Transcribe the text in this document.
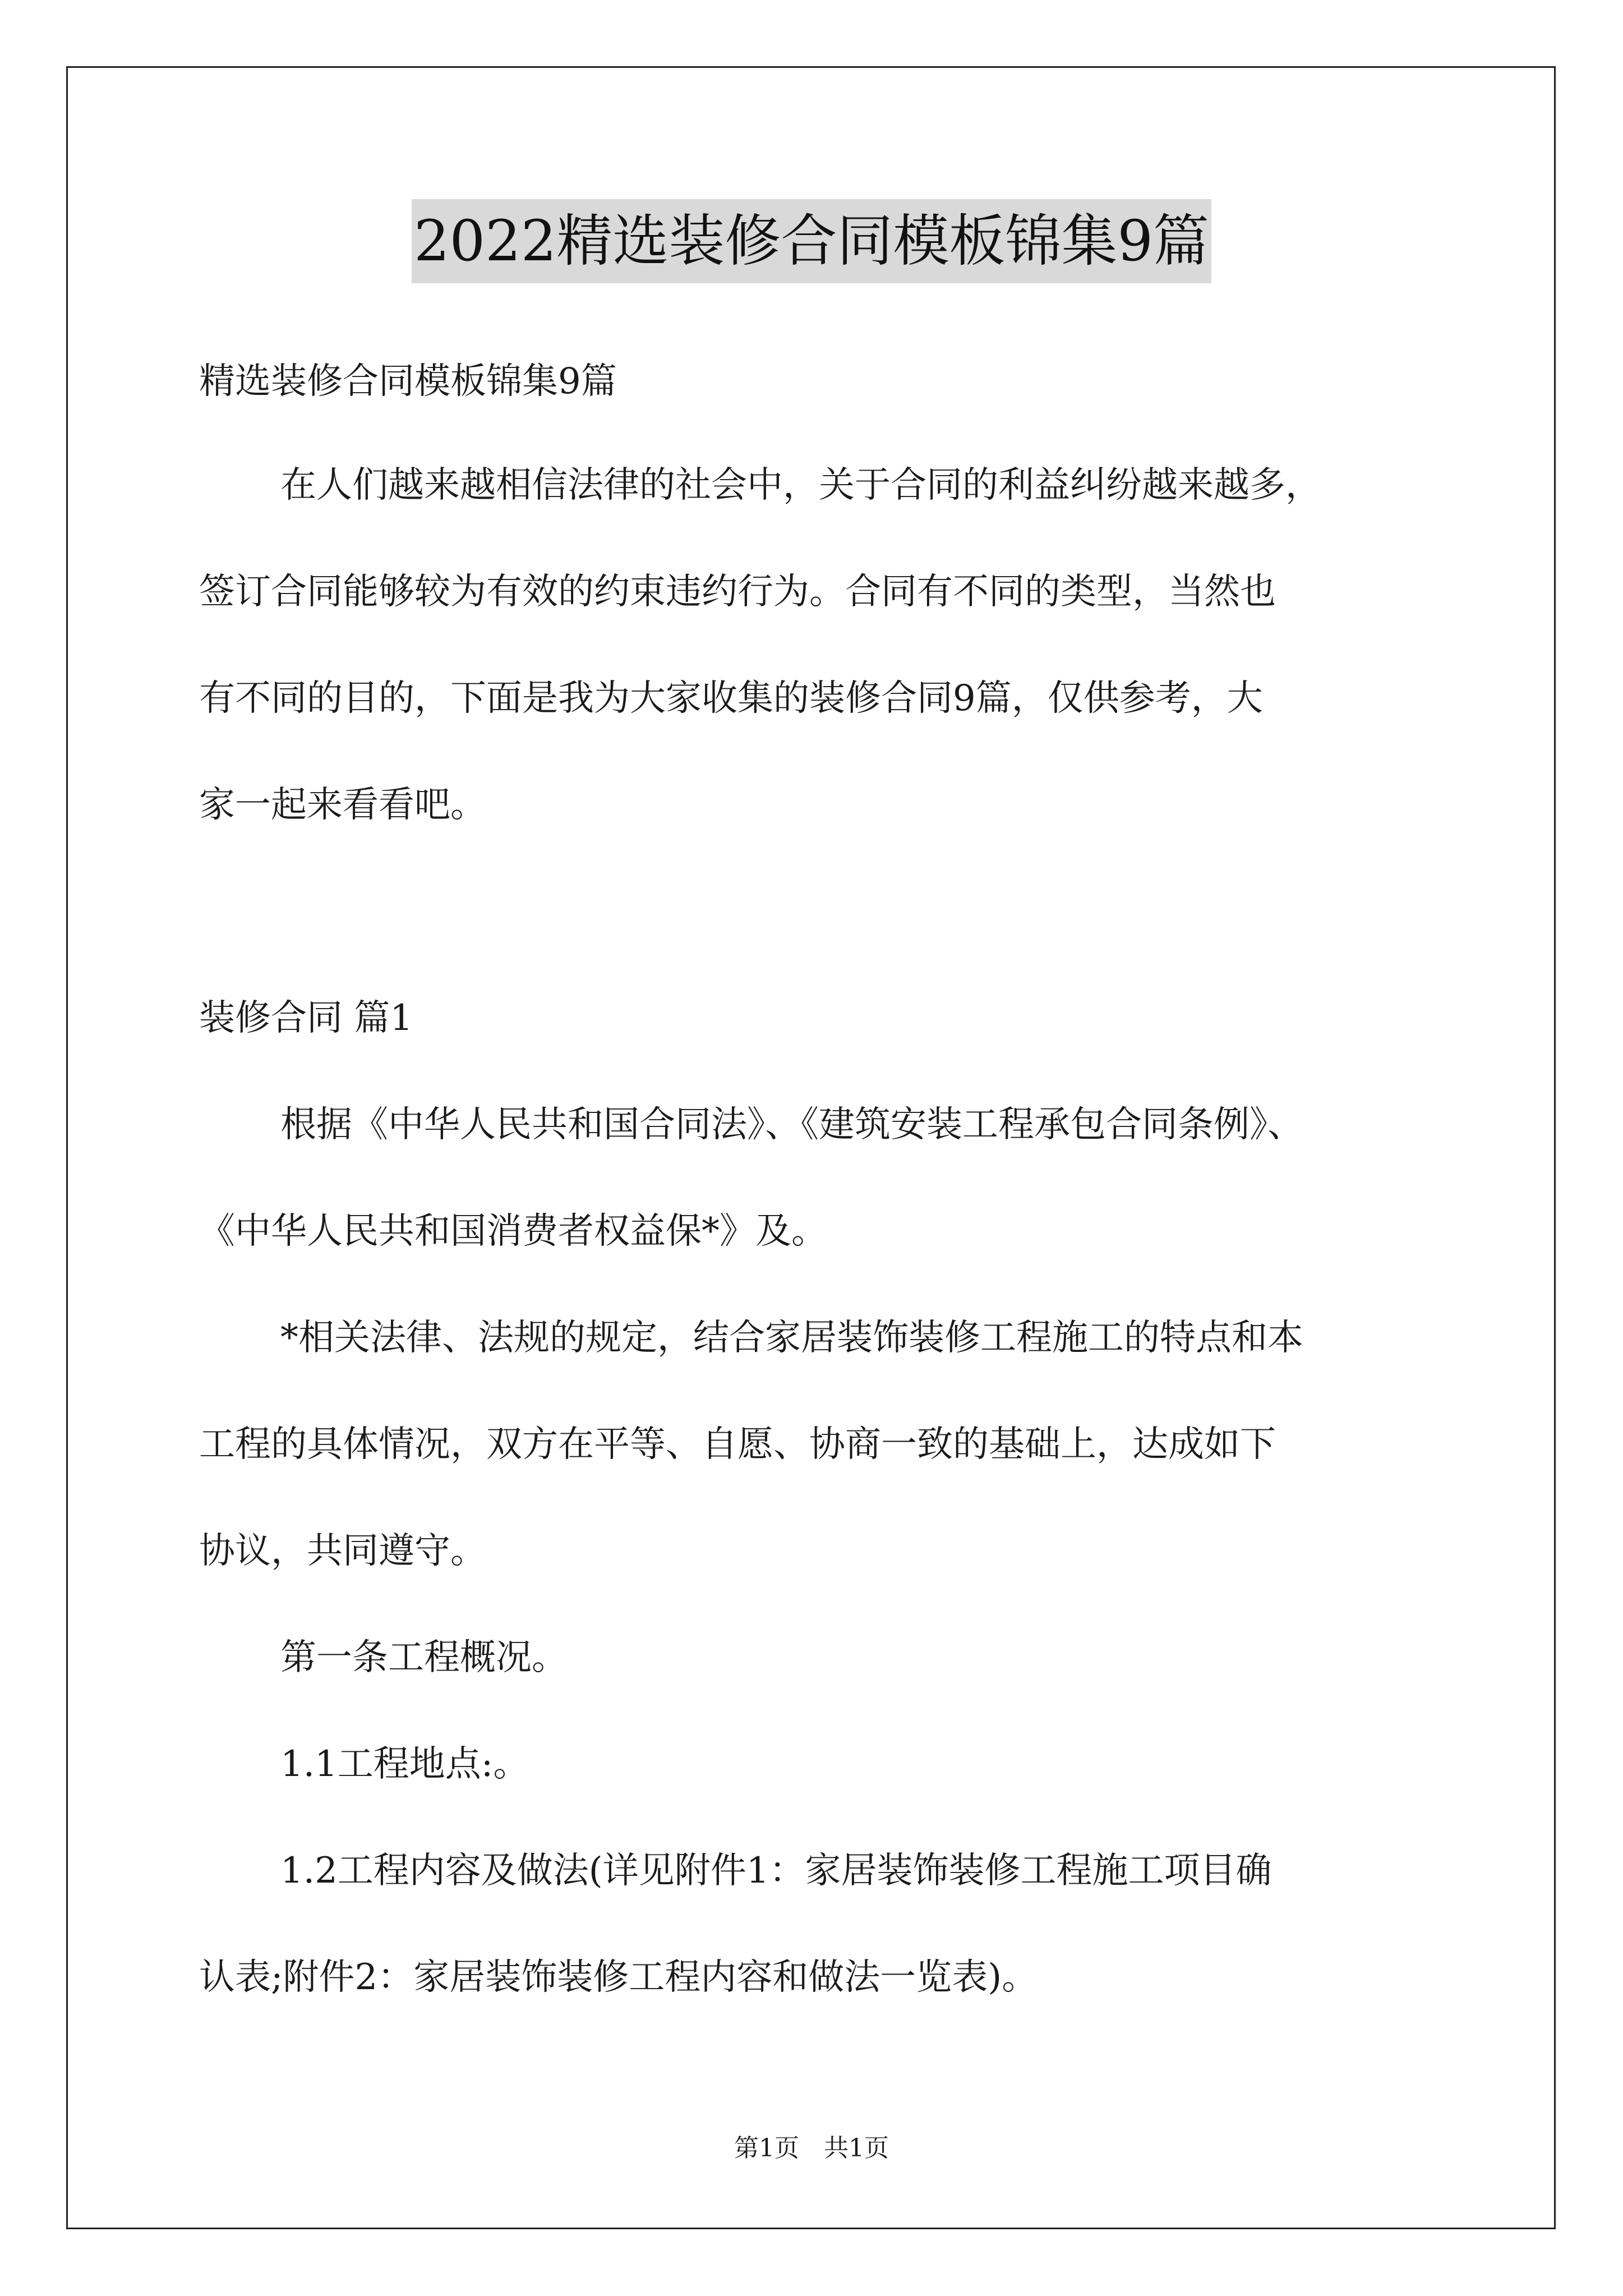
2022精选装修合同模板锦集9篇
精选装修合同模板锦集9篇
在人们越来越相信法律的社会中，关于合同的利益纠纷越来越多，
签订合同能够较为有效的约束违约行为。合同有不同的类型，当然也
有不同的目的，下面是我为大家收集的装修合同9篇，仅供参考，大
家一起来看看吧。
装修合同 篇1
根据《中华人民共和国合同法》、《建筑安装工程承包合同条例》、
《中华人民共和国消费者权益保*》及。
*相关法律、法规的规定，结合家居装饰装修工程施工的特点和本
工程的具体情况，双方在平等、自愿、协商一致的基础上，达成如下
协议，共同遵守。
第一条工程概况。
1.1工程地点:。
1.2工程内容及做法(详见附件1：家居装饰装修工程施工项目确
认表;附件2：家居装饰装修工程内容和做法一览表)。
第1页　共1页
